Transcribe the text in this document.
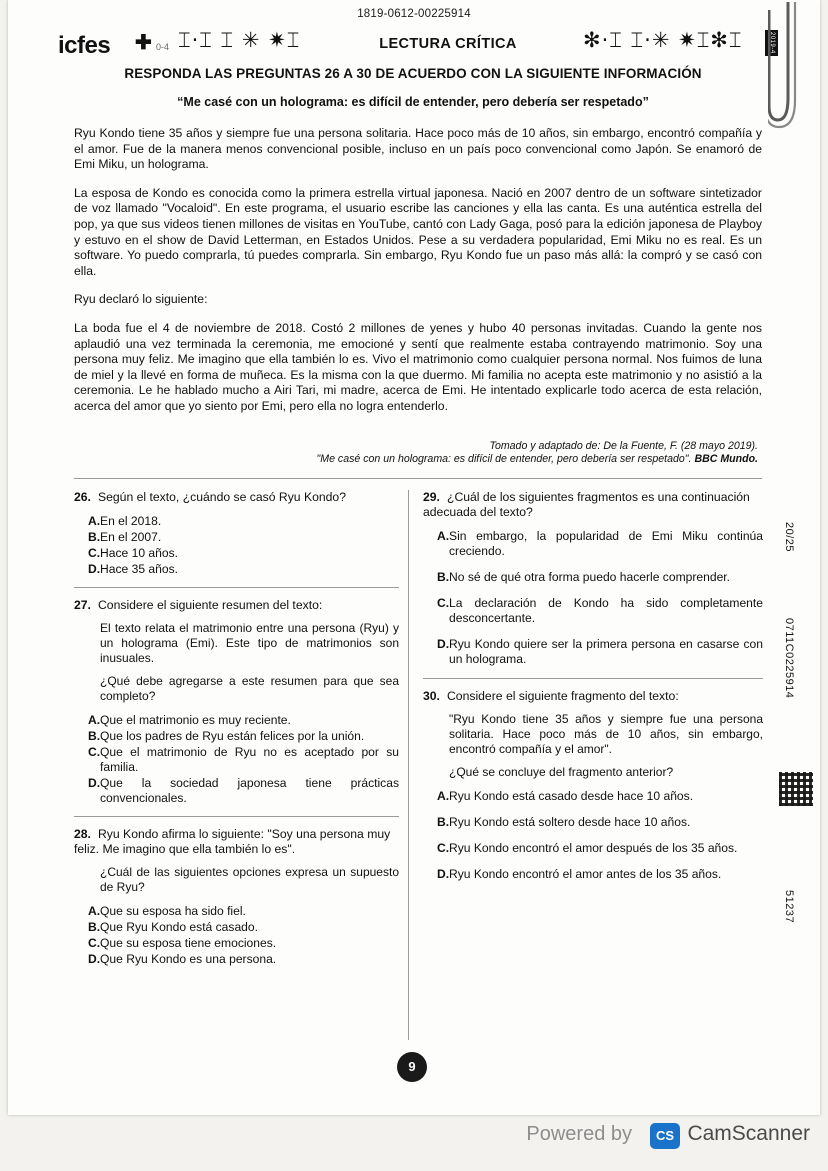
1819-0612-00225914
icfes ✚ 0-4 ⌶·⌶ ⌶ ✳ ✷⌶	LECTURA CRÍTICA	✻·⌶ ⌶·✳ ✷⌶✻⌶	2019-4
RESPONDA LAS PREGUNTAS 26 A 30 DE ACUERDO CON LA SIGUIENTE INFORMACIÓN
“Me casé con un holograma: es difícil de entender, pero debería ser respetado”

Ryu Kondo tiene 35 años y siempre fue una persona solitaria. Hace poco más de 10 años, sin embargo, encontró compañía y el amor. Fue de la manera menos convencional posible, incluso en un país poco convencional como Japón. Se enamoró de Emi Miku, un holograma.

La esposa de Kondo es conocida como la primera estrella virtual japonesa. Nació en 2007 dentro de un software sintetizador de voz llamado "Vocaloid". En este programa, el usuario escribe las canciones y ella las canta. Es una auténtica estrella del pop, ya que sus videos tienen millones de visitas en YouTube, cantó con Lady Gaga, posó para la edición japonesa de Playboy y estuvo en el show de David Letterman, en Estados Unidos. Pese a su verdadera popularidad, Emi Miku no es real. Es un software. Yo puedo comprarla, tú puedes comprarla. Sin embargo, Ryu Kondo fue un paso más allá: la compró y se casó con ella.

Ryu declaró lo siguiente:

La boda fue el 4 de noviembre de 2018. Costó 2 millones de yenes y hubo 40 personas invitadas. Cuando la gente nos aplaudió una vez terminada la ceremonia, me emocioné y sentí que realmente estaba contrayendo matrimonio. Soy una persona muy feliz. Me imagino que ella también lo es. Vivo el matrimonio como cualquier persona normal. Nos fuimos de luna de miel y la llevé en forma de muñeca. Es la misma con la que duermo. Mi familia no acepta este matrimonio y no asistió a la ceremonia. Le he hablado mucho a Airi Tari, mi madre, acerca de Emi. He intentado explicarle todo acerca de esta relación, acerca del amor que yo siento por Emi, pero ella no logra entenderlo.

Tomado y adaptado de: De la Fuente, F. (28 mayo 2019).
"Me casé con un holograma: es difícil de entender, pero debería ser respetado". BBC Mundo.
26. Según el texto, ¿cuándo se casó Ryu Kondo?
A. En el 2018.
B. En el 2007.
C. Hace 10 años.
D. Hace 35 años.
27. Considere el siguiente resumen del texto:
El texto relata el matrimonio entre una persona (Ryu) y un holograma (Emi). Este tipo de matrimonios son inusuales.
¿Qué debe agregarse a este resumen para que sea completo?
A. Que el matrimonio es muy reciente.
B. Que los padres de Ryu están felices por la unión.
C. Que el matrimonio de Ryu no es aceptado por su familia.
D. Que la sociedad japonesa tiene prácticas convencionales.
28. Ryu Kondo afirma lo siguiente: "Soy una persona muy feliz. Me imagino que ella también lo es".
¿Cuál de las siguientes opciones expresa un supuesto de Ryu?
A. Que su esposa ha sido fiel.
B. Que Ryu Kondo está casado.
C. Que su esposa tiene emociones.
D. Que Ryu Kondo es una persona.
29. ¿Cuál de los siguientes fragmentos es una continuación adecuada del texto?
A. Sin embargo, la popularidad de Emi Miku continúa creciendo.
B. No sé de qué otra forma puedo hacerle comprender.
C. La declaración de Kondo ha sido completamente desconcertante.
D. Ryu Kondo quiere ser la primera persona en casarse con un holograma.
30. Considere el siguiente fragmento del texto:
"Ryu Kondo tiene 35 años y siempre fue una persona solitaria. Hace poco más de 10 años, sin embargo, encontró compañía y el amor".
¿Qué se concluye del fragmento anterior?
A. Ryu Kondo está casado desde hace 10 años.
B. Ryu Kondo está soltero desde hace 10 años.
C. Ryu Kondo encontró el amor después de los 35 años.
D. Ryu Kondo encontró el amor antes de los 35 años.
20/25
0711C0225914
51237
9
Powered by	CS CamScanner
